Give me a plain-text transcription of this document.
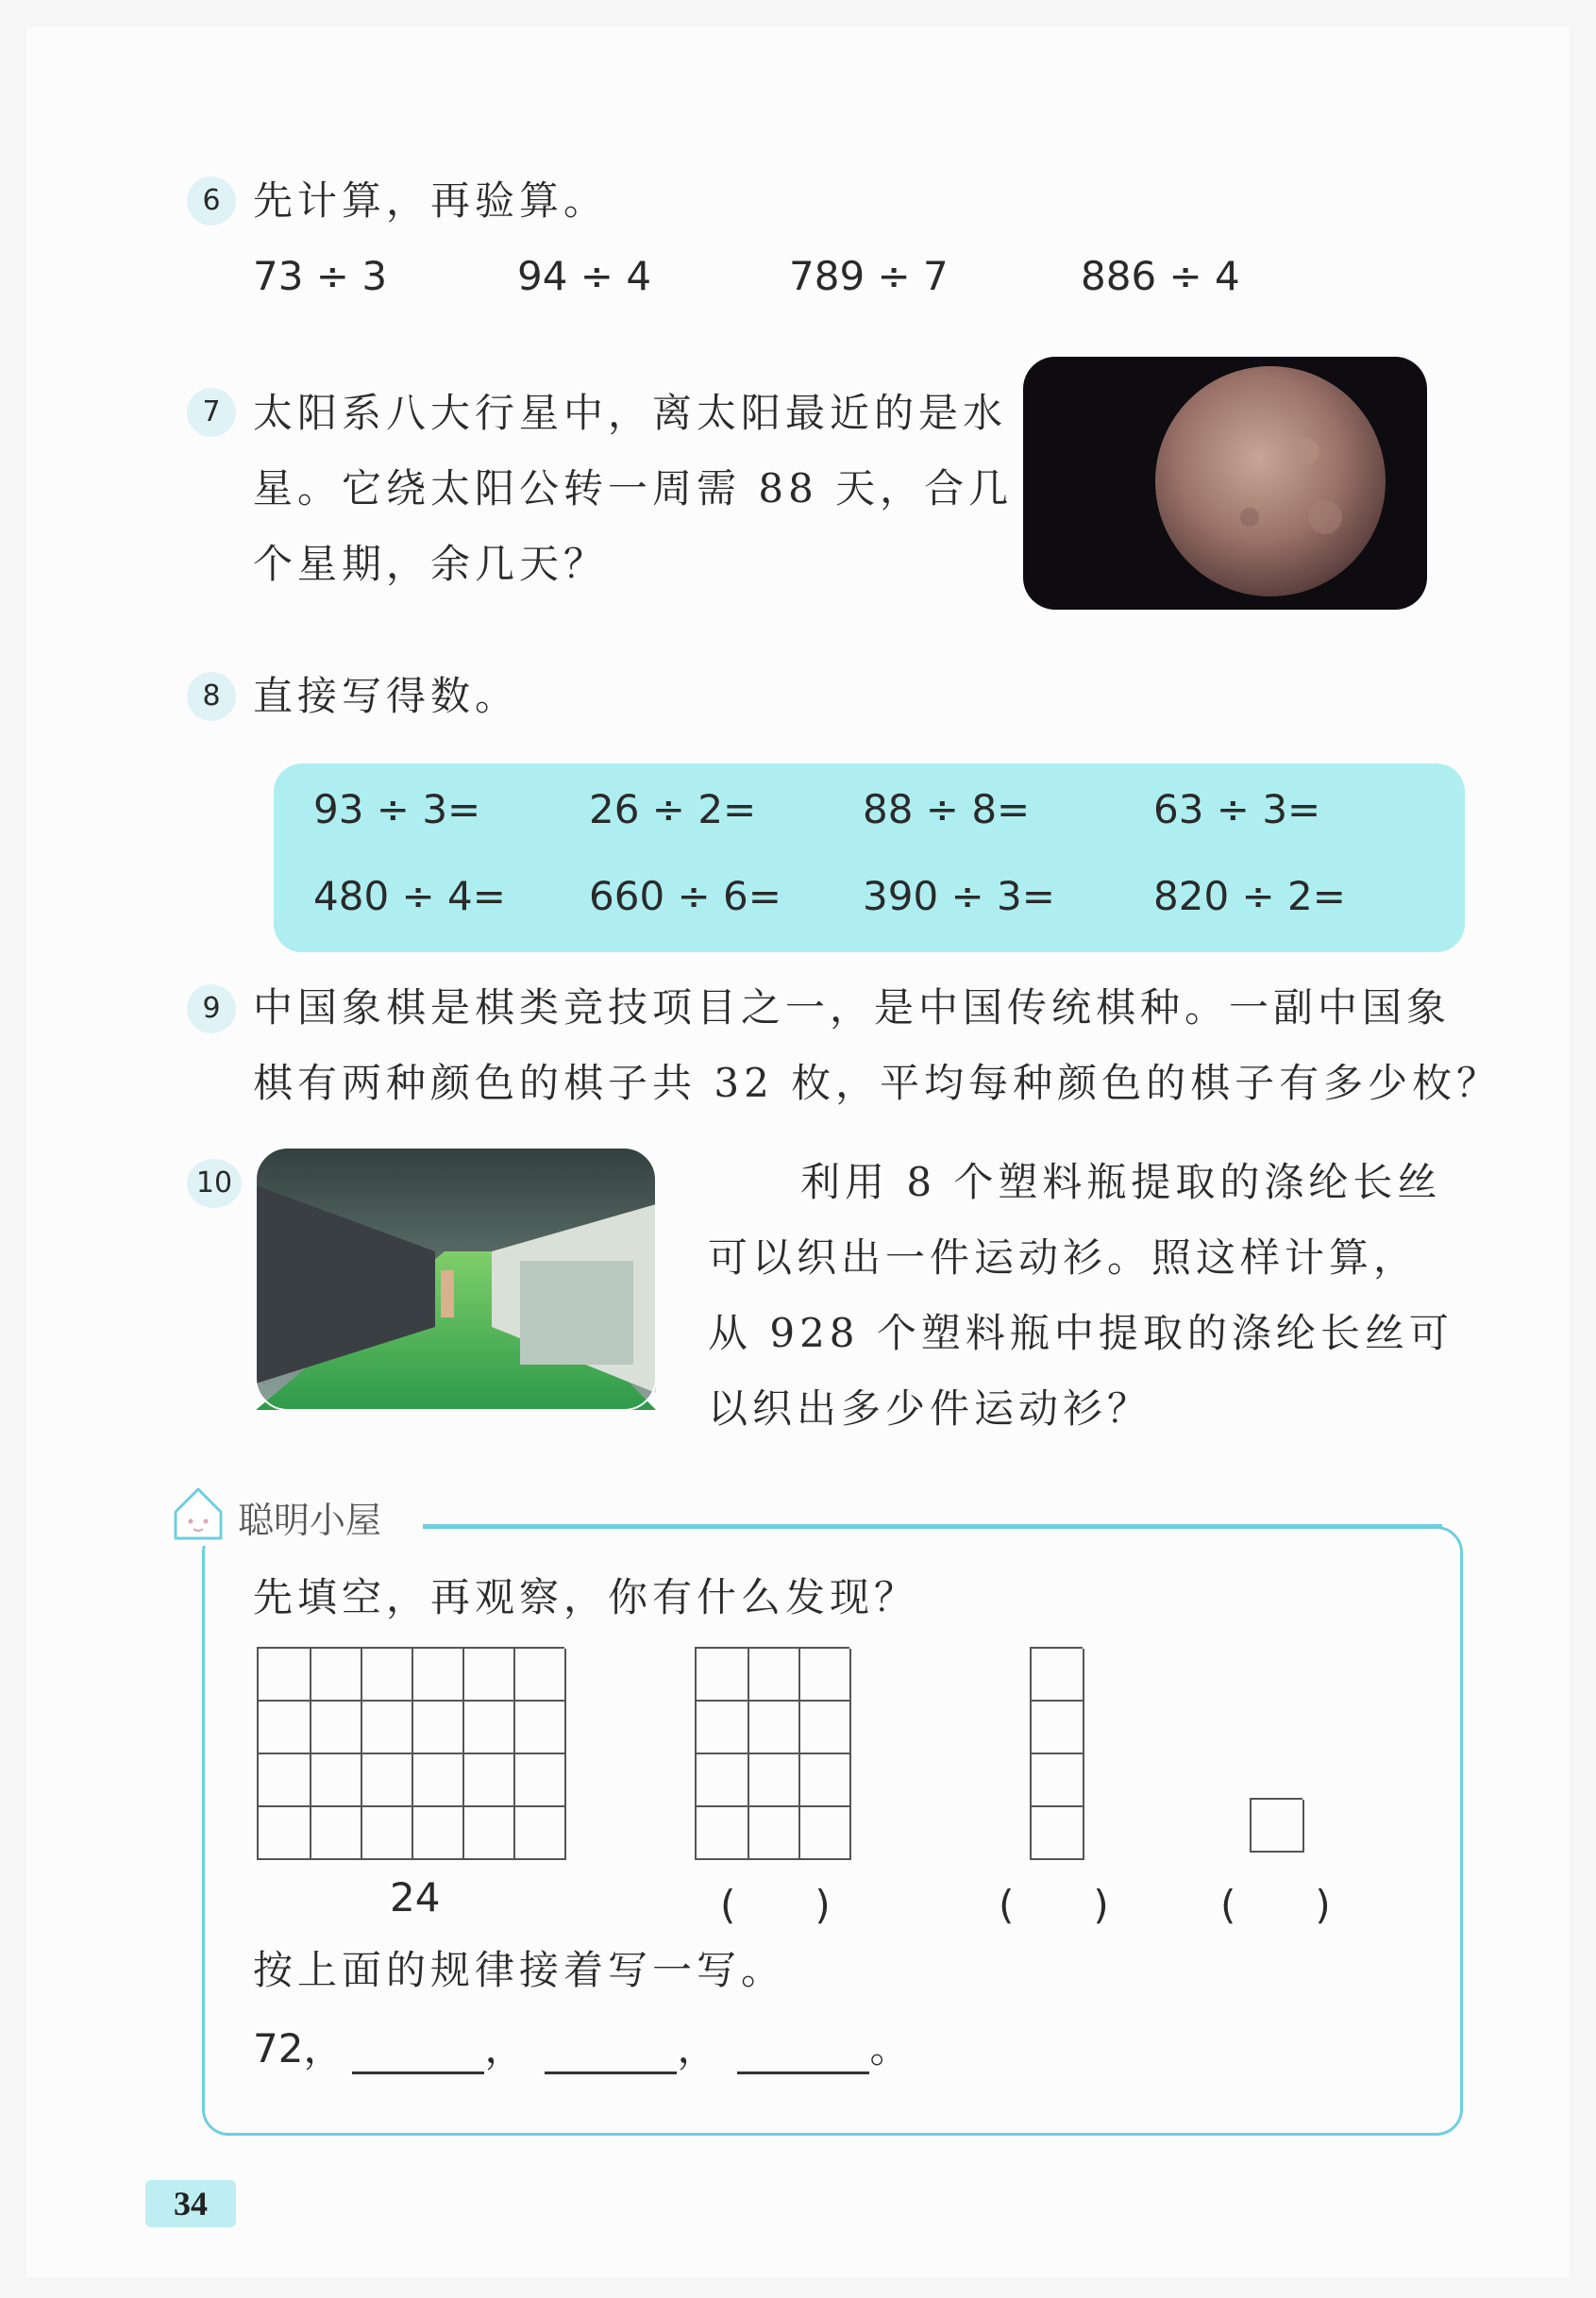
6 先计算，再验算。
73 ÷ 3	94 ÷ 4	789 ÷ 7	886 ÷ 4
7 太阳系八大行星中，离太阳最近的是水
星。它绕太阳公转一周需 88 天，合几
个星期，余几天？
8 直接写得数。
93 ÷ 3=	26 ÷ 2=	88 ÷ 8=	63 ÷ 3=
480 ÷ 4= 660 ÷ 6= 390 ÷ 3= 820 ÷ 2=
9 中国象棋是棋类竞技项目之一，是中国传统棋种。一副中国象
棋有两种颜色的棋子共 32 枚，平均每种颜色的棋子有多少枚？
10	利用 8 个塑料瓶提取的涤纶长丝
可以织出一件运动衫。照这样计算，
从 928 个塑料瓶中提取的涤纶长丝可
以织出多少件运动衫？
聪明小屋
先填空，再观察，你有什么发现？
24	(　　)	(　　)	(　　)
按上面的规律接着写一写。
72，	，	，	。
34
